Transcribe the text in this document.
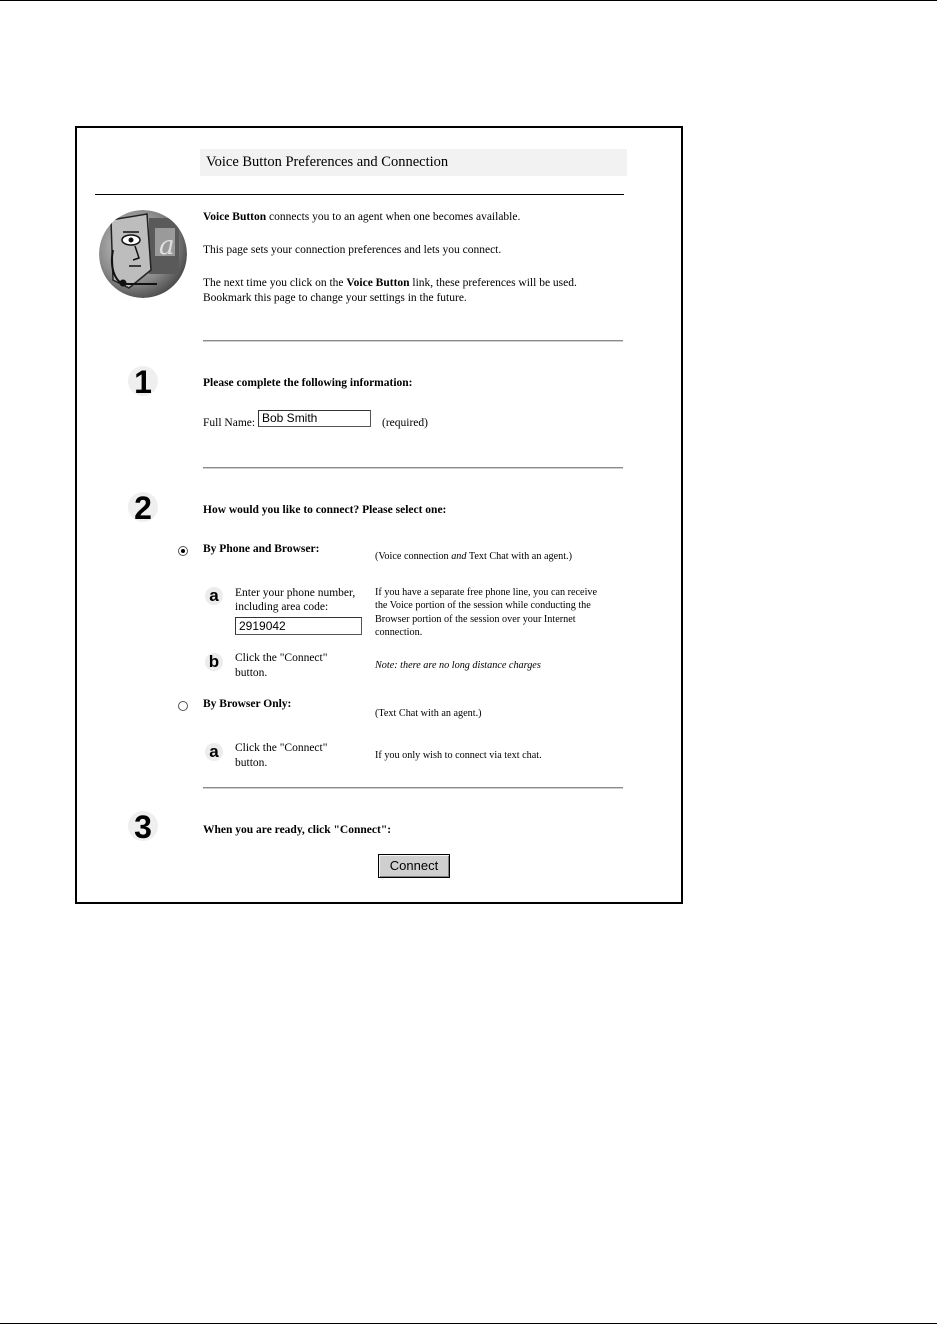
Voice Button Preferences and Connection
a
Voice Button connects you to an agent when one becomes available.
This page sets your connection preferences and lets you connect.
The next time you click on the Voice Button link, these preferences will be used.
Bookmark this page to change your settings in the future.
1	Please complete the following information:
Full Name:
Bob Smith	(required)
2	How would you like to connect? Please select one:
By Phone and Browser:
(Voice connection and Text Chat with an agent.)
a	Enter your phone number,
including area code:
2919042
If you have a separate free phone line, you can receive
the Voice portion of the session while conducting the
Browser portion of the session over your Internet
connection.
b	Click the "Connect"
button.
Note: there are no long distance charges
By Browser Only:
(Text Chat with an agent.)
a	Click the "Connect"
button.
If you only wish to connect via text chat.
3	When you are ready, click "Connect":
Connect
